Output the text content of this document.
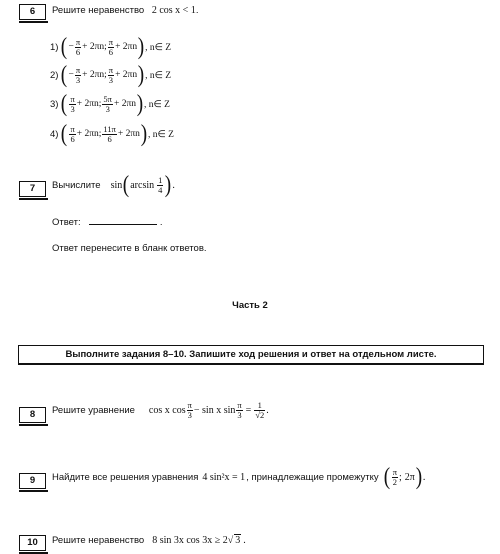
6	Решите неравенство 2 cos x < 1.
1) ( − $\frac{\pi}{6} + 2\pi n$ ; $\frac{\pi}{6} + 2\pi n$ ) , n∈ Z
2) ( − $\frac{\pi}{3} + 2\pi n$ ; $\frac{\pi}{3} + 2\pi n$ ) , n∈ Z
3) ( $\frac{\pi}{3} + 2\pi n$ ; $\frac{5\pi}{3} + 2\pi n$ ) , n∈ Z
4) ( $\frac{\pi}{6} + 2\pi n$ ; $\frac{11\pi}{6} + 2\pi n$ ) , n∈ Z
7	Вычислите sin ( $\arcsin \frac{1}{4}$ ) .
Ответ:	.
Ответ перенесите в бланк ответов.
Часть 2
Выполните задания 8–10. Запишите ход решения и ответ на отдельном листе.
8	Решите уравнение cos x $\cos \frac{\pi}{3} - \sin x$ $\sin \frac{\pi}{3} = \frac{1}{√2}$ .
9	Найдите все решения уравнения 4 sin²x = 1 , принадлежащие промежутку ( $\frac{\pi}{2}$ ; 2π ) .
10	Решите неравенство 8 sin 3x cos 3x ≥ 2 √ 3 .
